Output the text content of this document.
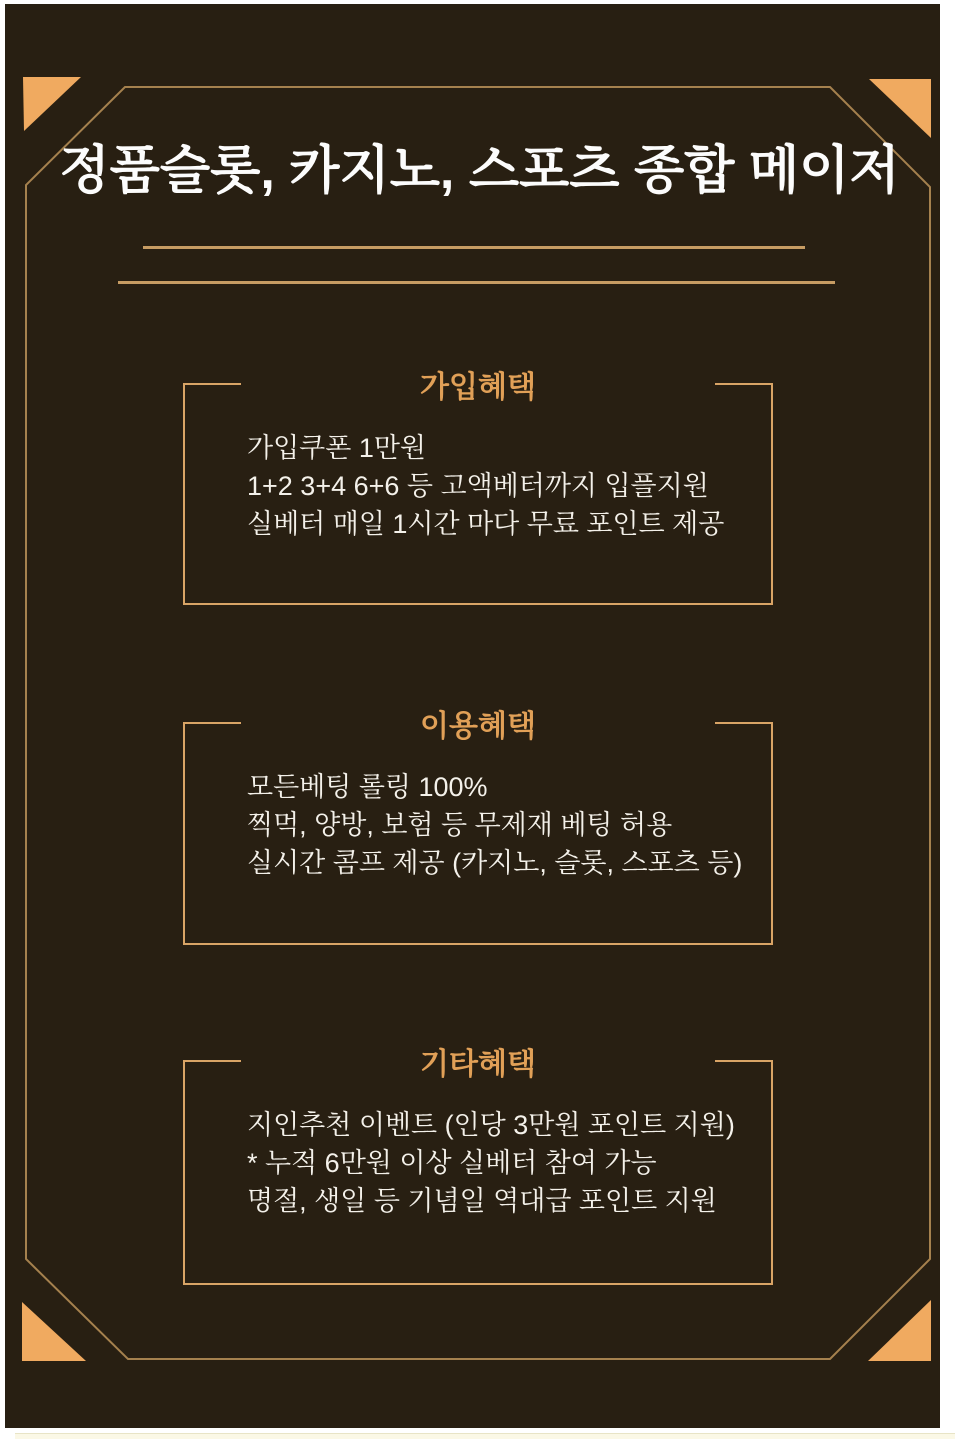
정품슬롯, 카지노, 스포츠 종합 메이저
가입혜택
가입쿠폰 1만원
1+2 3+4 6+6 등 고액베터까지 입플지원
실베터 매일 1시간 마다 무료 포인트 제공
이용혜택
모든베팅 롤링 100%
찍먹, 양방, 보험 등 무제재 베팅 허용
실시간 콤프 제공 (카지노, 슬롯, 스포츠 등)
기타혜택
지인추천 이벤트 (인당 3만원 포인트 지원)
* 누적 6만원 이상 실베터 참여 가능
명절, 생일 등 기념일 역대급 포인트 지원
